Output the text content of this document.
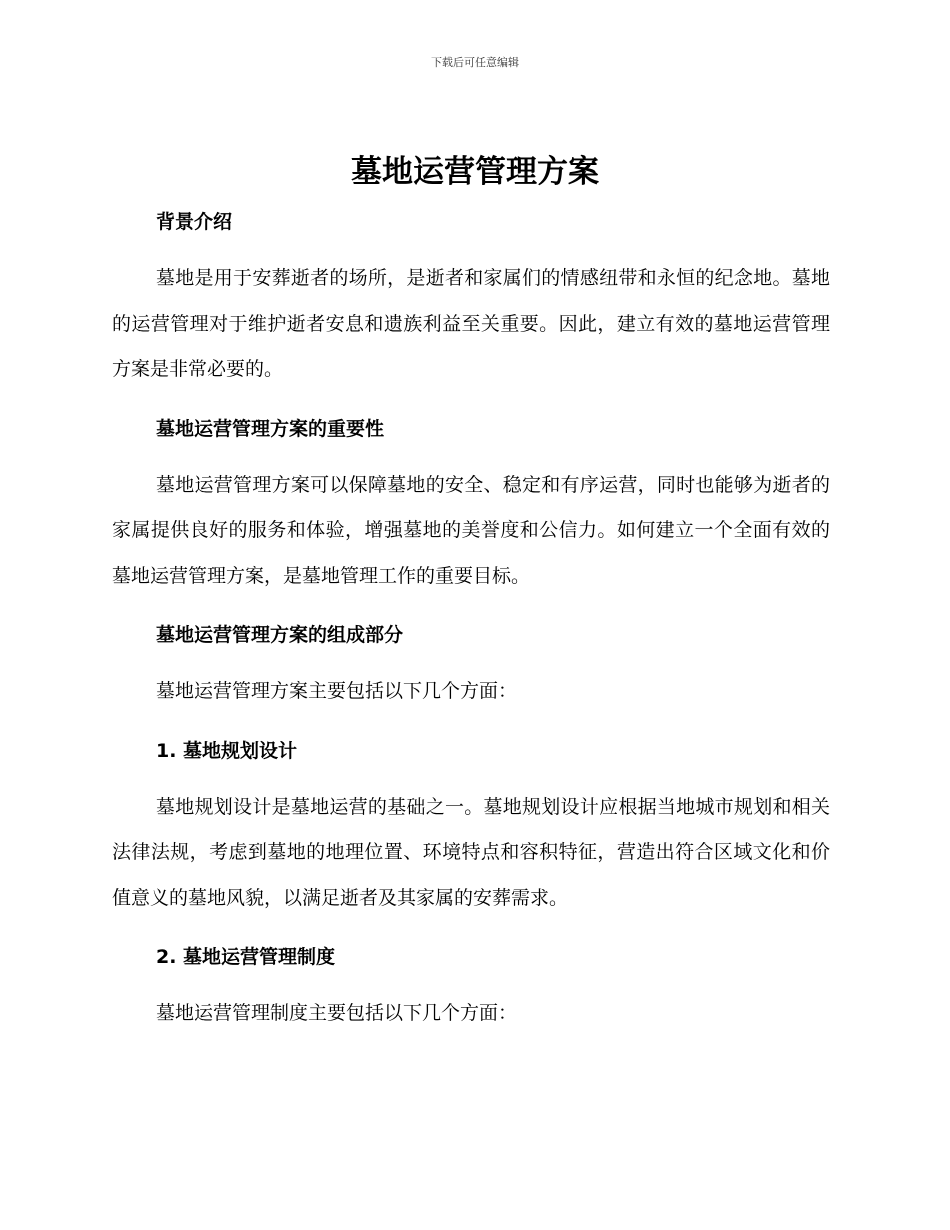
下载后可任意编辑
墓地运营管理方案
背景介绍

墓地是用于安葬逝者的场所，是逝者和家属们的情感纽带和永恒的纪念地。墓地的运营管理对于维护逝者安息和遗族利益至关重要。因此，建立有效的墓地运营管理方案是非常必要的。

墓地运营管理方案的重要性

墓地运营管理方案可以保障墓地的安全、稳定和有序运营，同时也能够为逝者的家属提供良好的服务和体验，增强墓地的美誉度和公信力。如何建立一个全面有效的墓地运营管理方案，是墓地管理工作的重要目标。

墓地运营管理方案的组成部分

墓地运营管理方案主要包括以下几个方面：

1. 墓地规划设计

墓地规划设计是墓地运营的基础之一。墓地规划设计应根据当地城市规划和相关法律法规，考虑到墓地的地理位置、环境特点和容积特征，营造出符合区域文化和价值意义的墓地风貌，以满足逝者及其家属的安葬需求。

2. 墓地运营管理制度

墓地运营管理制度主要包括以下几个方面：
